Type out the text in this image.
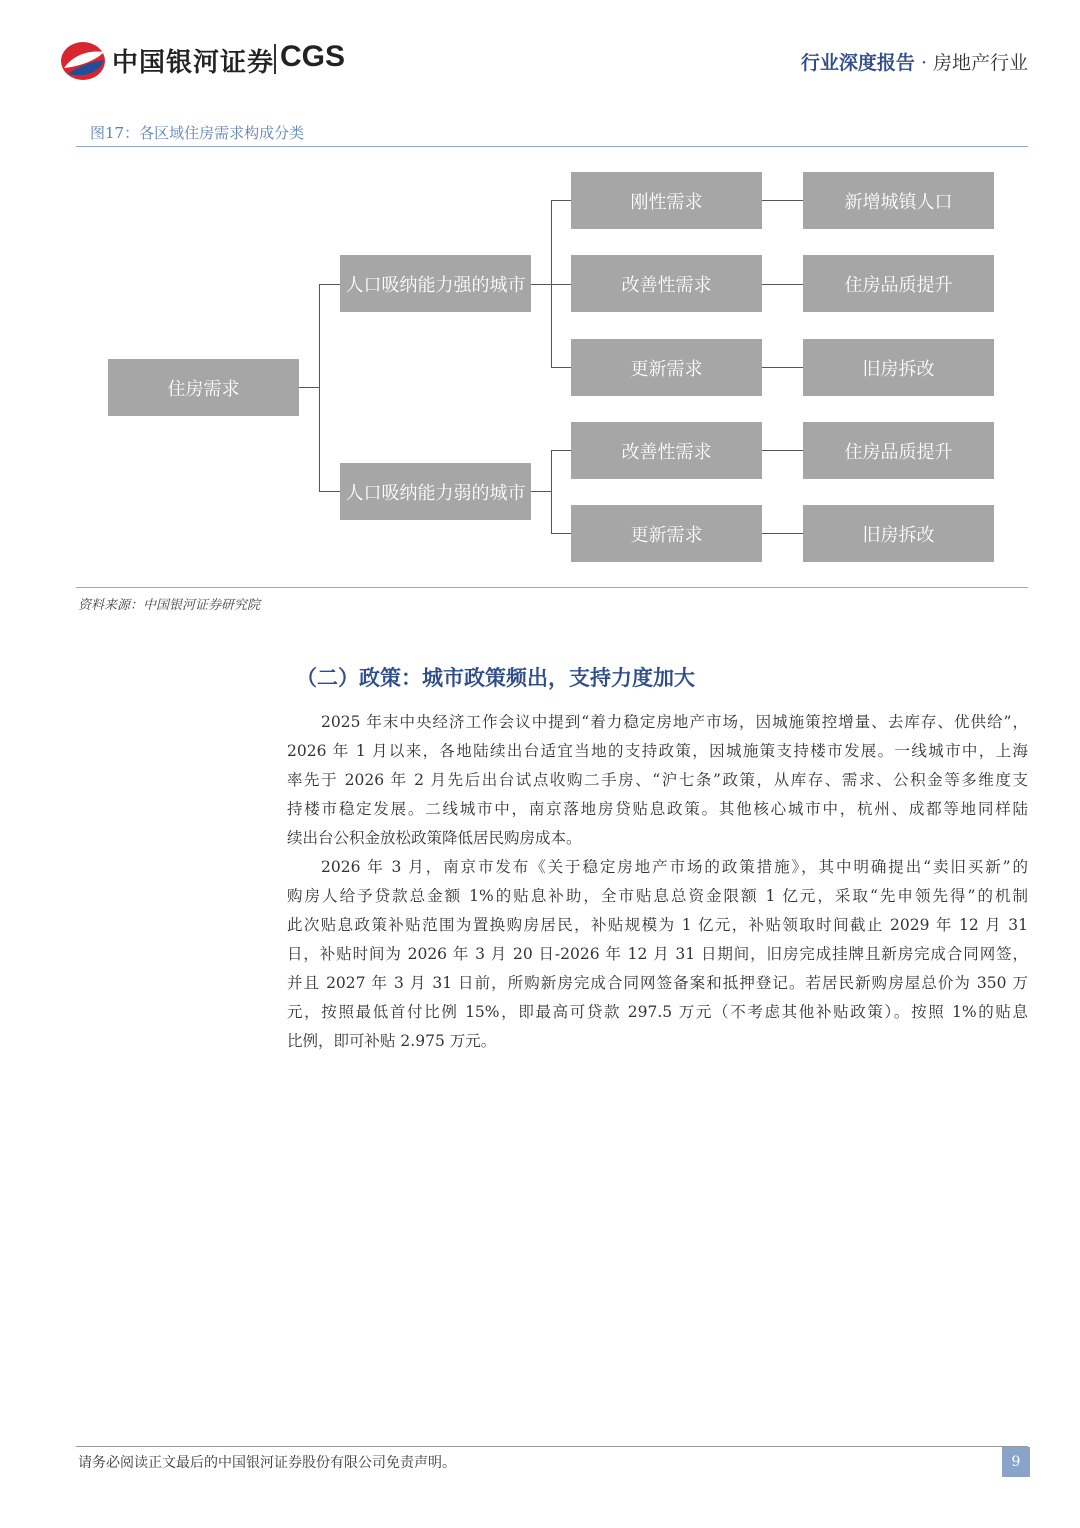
中国银河证券 CGS	行业深度报告 · 房地产行业
图17：各区域住房需求构成分类
住房需求
人口吸纳能力强的城市
刚性需求	新增城镇人口
改善性需求	住房品质提升
更新需求	旧房拆改
人口吸纳能力弱的城市
改善性需求	住房品质提升
更新需求	旧房拆改
资料来源：中国银河证券研究院
（二）政策：城市政策频出，支持力度加大
2025 年末中央经济工作会议中提到“着力稳定房地产市场，因城施策控增量、去库存、优供给”，
2026 年 1 月以来，各地陆续出台适宜当地的支持政策，因城施策支持楼市发展。一线城市中，上海
率先于 2026 年 2 月先后出台试点收购二手房、“沪七条”政策，从库存、需求、公积金等多维度支
持楼市稳定发展。二线城市中，南京落地房贷贴息政策。其他核心城市中，杭州、成都等地同样陆
续出台公积金放松政策降低居民购房成本。
2026 年 3 月，南京市发布《关于稳定房地产市场的政策措施》，其中明确提出“卖旧买新”的
购房人给予贷款总金额 1%的贴息补助，全市贴息总资金限额 1 亿元，采取“先申领先得”的机制
此次贴息政策补贴范围为置换购房居民，补贴规模为 1 亿元，补贴领取时间截止 2029 年 12 月 31
日，补贴时间为 2026 年 3 月 20 日-2026 年 12 月 31 日期间，旧房完成挂牌且新房完成合同网签，
并且 2027 年 3 月 31 日前，所购新房完成合同网签备案和抵押登记。若居民新购房屋总价为 350 万
元，按照最低首付比例 15%，即最高可贷款 297.5 万元（不考虑其他补贴政策）。按照 1%的贴息
比例，即可补贴 2.975 万元。
请务必阅读正文最后的中国银河证券股份有限公司免责声明。	9
